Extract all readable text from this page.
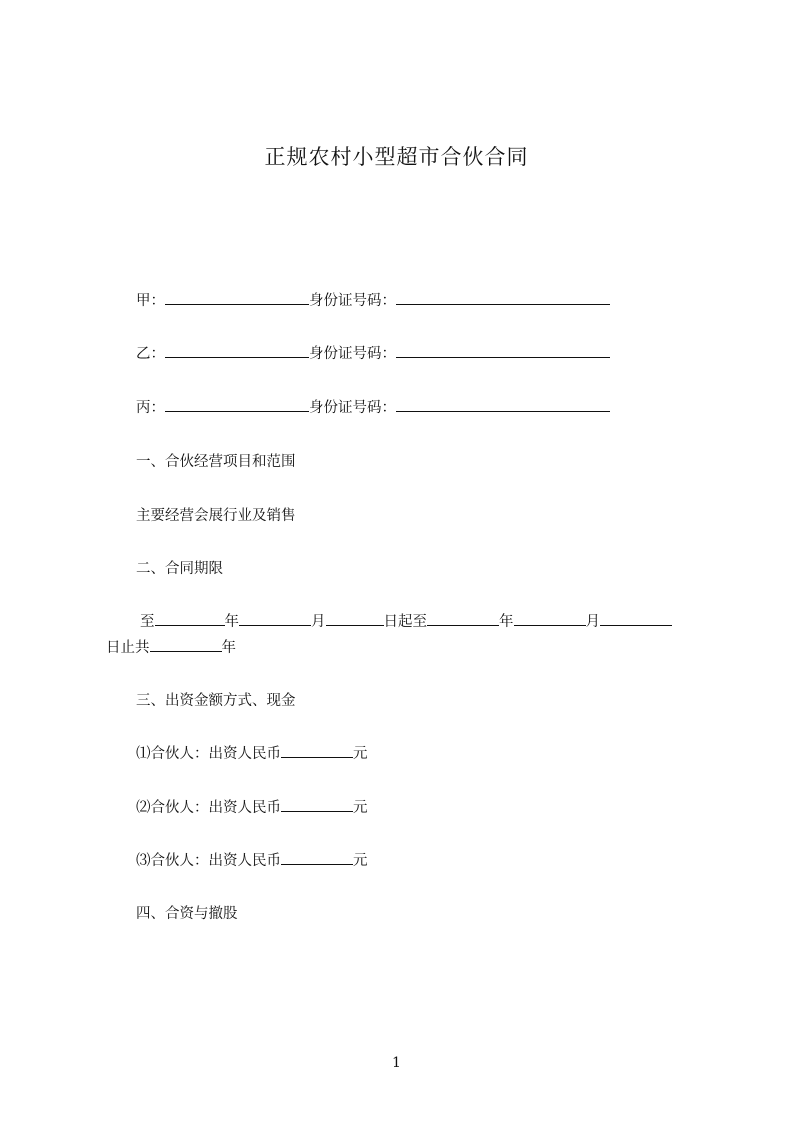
正规农村小型超市合伙合同
甲：	身份证号码：
乙：	身份证号码：
丙：	身份证号码：
一、合伙经营项目和范围
主要经营会展行业及销售
二、合同期限
至	年	月	日起至	年	月
日止共	年
三、出资金额方式、现金
⑴合伙人：出资人民币	元
⑵合伙人：出资人民币	元
⑶合伙人：出资人民币	元
四、合资与撤股
1
